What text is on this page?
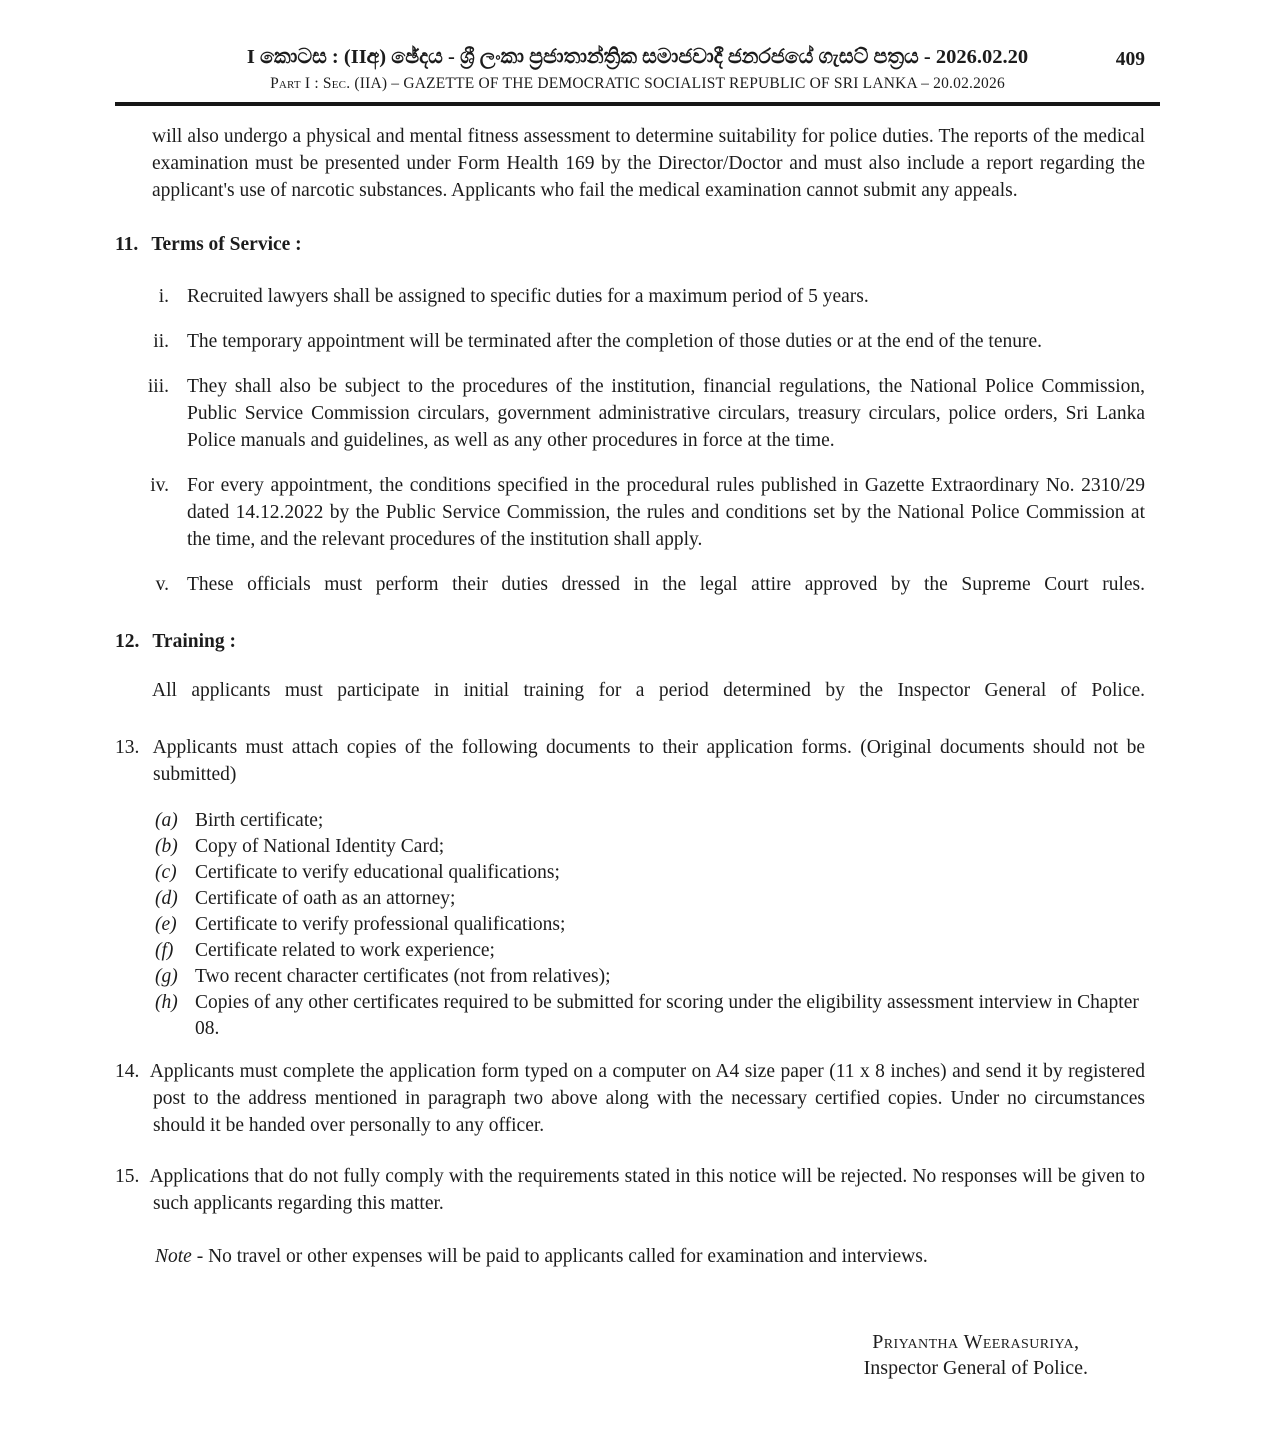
409
I කොටස : (IIඅ) ඡේදය - ශ්‍රී ලංකා ප්‍රජාතාන්ත්‍රික සමාජවාදී ජනරජයේ ගැසට් පත්‍රය - 2026.02.20
Part I : Sec. (IIA) – GAZETTE OF THE DEMOCRATIC SOCIALIST REPUBLIC OF SRI LANKA – 20.02.2026

will also undergo a physical and mental fitness assessment to determine suitability for police duties. The reports of the medical examination must be presented under Form Health 169 by the Director/Doctor and must also include a report regarding the applicant's use of narcotic substances. Applicants who fail the medical examination cannot submit any appeals.

11. Terms of Service :
i. Recruited lawyers shall be assigned to specific duties for a maximum period of 5 years.
ii. The temporary appointment will be terminated after the completion of those duties or at the end of the tenure.
iii. They shall also be subject to the procedures of the institution, financial regulations, the National Police Commission, Public Service Commission circulars, government administrative circulars, treasury circulars, police orders, Sri Lanka Police manuals and guidelines, as well as any other procedures in force at the time.
iv. For every appointment, the conditions specified in the procedural rules published in Gazette Extraordinary No. 2310/29 dated 14.12.2022 by the Public Service Commission, the rules and conditions set by the National Police Commission at the time, and the relevant procedures of the institution shall apply.
v. These officials must perform their duties dressed in the legal attire approved by the Supreme Court rules.
12. Training :

All applicants must participate in initial training for a period determined by the Inspector General of Police.

13. Applicants must attach copies of the following documents to their application forms. (Original documents should not be submitted)

(a) Birth certificate;
(b) Copy of National Identity Card;
(c) Certificate to verify educational qualifications;
(d) Certificate of oath as an attorney;
(e) Certificate to verify professional qualifications;
(f)	Certificate related to work experience;
(g) Two recent character certificates (not from relatives);
(h) Copies of any other certificates required to be submitted for scoring under the eligibility assessment interview in Chapter 08.

14. Applicants must complete the application form typed on a computer on A4 size paper (11 x 8 inches) and send it by registered post to the address mentioned in paragraph two above along with the necessary certified copies. Under no circumstances should it be handed over personally to any officer.

15. Applications that do not fully comply with the requirements stated in this notice will be rejected. No responses will be given to such applicants regarding this matter.

Note - No travel or other expenses will be paid to applicants called for examination and interviews.

Priyantha Weerasuriya,
Inspector General of Police.
